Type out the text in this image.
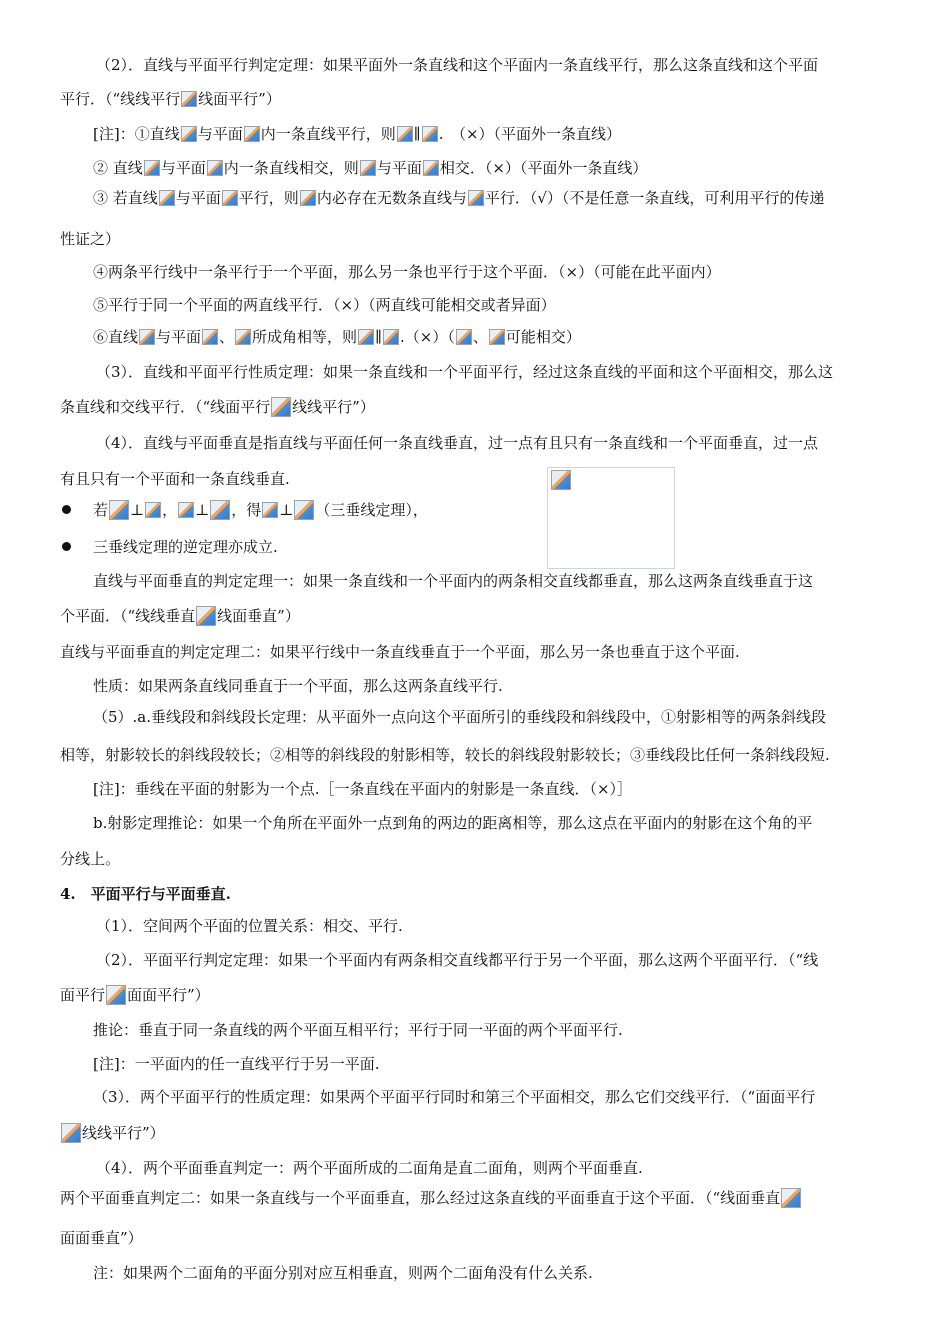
（2）．直线与平面平行判定定理：如果平面外一条直线和这个平面内一条直线平行，那么这条直线和这个平面
平行．（“线线平行 线面平行”）
[注]：①直线 与平面 内一条直线平行，则 ∥ .　（×）（平面外一条直线）
② 直线 与平面 内一条直线相交，则 与平面 相交．（×）（平面外一条直线）
③ 若直线 与平面 平行，则 内必存在无数条直线与 平行．（√）（不是任意一条直线，可利用平行的传递
性证之）
④两条平行线中一条平行于一个平面，那么另一条也平行于这个平面．（×）（可能在此平面内）
⑤平行于同一个平面的两直线平行．（×）（两直线可能相交或者异面）
⑥直线 与平面 、 所成角相等，则 ∥ .（×）（ 、 可能相交）
（3）．直线和平面平行性质定理：如果一条直线和一个平面平行，经过这条直线的平面和这个平面相交，那么这
条直线和交线平行．（“线面平行 线线平行”）
（4）．直线与平面垂直是指直线与平面任何一条直线垂直，过一点有且只有一条直线和一个平面垂直，过一点
有且只有一个平面和一条直线垂直.
若 ⊥ ， ⊥ ，得 ⊥ （三垂线定理），
三垂线定理的逆定理亦成立.
直线与平面垂直的判定定理一：如果一条直线和一个平面内的两条相交直线都垂直，那么这两条直线垂直于这
个平面．（“线线垂直 线面垂直”）
直线与平面垂直的判定定理二：如果平行线中一条直线垂直于一个平面，那么另一条也垂直于这个平面.
性质：如果两条直线同垂直于一个平面，那么这两条直线平行.
（5）.a.垂线段和斜线段长定理：从平面外一点向这个平面所引的垂线段和斜线段中，①射影相等的两条斜线段
相等，射影较长的斜线段较长；②相等的斜线段的射影相等，较长的斜线段射影较长；③垂线段比任何一条斜线段短.
[注]：垂线在平面的射影为一个点.［一条直线在平面内的射影是一条直线．（×）］
b.射影定理推论：如果一个角所在平面外一点到角的两边的距离相等，那么这点在平面内的射影在这个角的平
分线上。
4.　平面平行与平面垂直.
（1）．空间两个平面的位置关系：相交、平行.
（2）．平面平行判定定理：如果一个平面内有两条相交直线都平行于另一个平面，那么这两个平面平行．（“线
面平行 面面平行”）
推论：垂直于同一条直线的两个平面互相平行；平行于同一平面的两个平面平行.
[注]：一平面内的任一直线平行于另一平面.
（3）．两个平面平行的性质定理：如果两个平面平行同时和第三个平面相交，那么它们交线平行．（“面面平行
线线平行”）
（4）．两个平面垂直判定一：两个平面所成的二面角是直二面角，则两个平面垂直.
两个平面垂直判定二：如果一条直线与一个平面垂直，那么经过这条直线的平面垂直于这个平面．（“线面垂直
面面垂直”）
注：如果两个二面角的平面分别对应互相垂直，则两个二面角没有什么关系.
